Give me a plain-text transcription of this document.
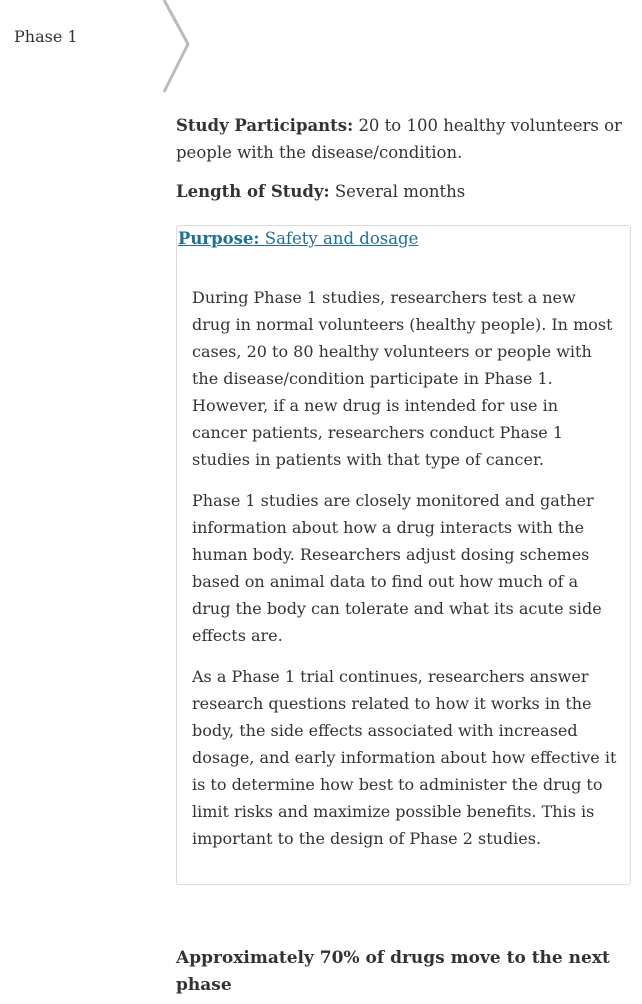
Phase 1

Study Participants: 20 to 100 healthy volunteers or people with the disease/condition.

Length of Study: Several months

Purpose: Safety and dosage

During Phase 1 studies, researchers test a new drug in normal volunteers (healthy people). In most cases, 20 to 80 healthy volunteers or people with the disease/condition participate in Phase 1. However, if a new drug is intended for use in cancer patients, researchers conduct Phase 1 studies in patients with that type of cancer.

Phase 1 studies are closely monitored and gather information about how a drug interacts with the human body. Researchers adjust dosing schemes based on animal data to find out how much of a drug the body can tolerate and what its acute side effects are.

As a Phase 1 trial continues, researchers answer research questions related to how it works in the body, the side effects associated with increased dosage, and early information about how effective it is to determine how best to administer the drug to limit risks and maximize possible benefits. This is important to the design of Phase 2 studies.

Approximately 70% of drugs move to the next phase
